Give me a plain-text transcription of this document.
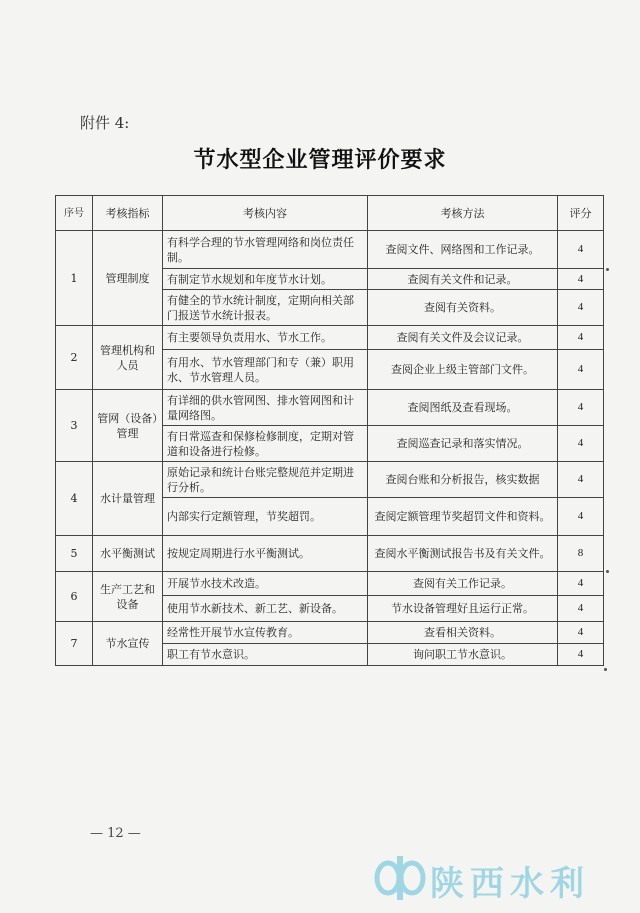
附件 4:
节水型企业管理评价要求
序号	考核指标	考核内容	考核方法	评分
1	管理制度	有科学合理的节水管理网络和岗位责任制。	查阅文件、网络图和工作记录。	4
		有制定节水规划和年度节水计划。	查阅有关文件和记录。	4
		有健全的节水统计制度，定期向相关部门报送节水统计报表。	查阅有关资料。	4
2	管理机构和人员	有主要领导负责用水、节水工作。	查阅有关文件及会议记录。	4
		有用水、节水管理部门和专（兼）职用水、节水管理人员。	查阅企业上级主管部门文件。	4
3	管网（设备）管理	有详细的供水管网图、排水管网图和计量网络图。	查阅图纸及查看现场。	4
		有日常巡查和保修检修制度，定期对管道和设备进行检修。	查阅巡查记录和落实情况。	4
4	水计量管理	原始记录和统计台账完整规范并定期进行分析。	查阅台账和分析报告，核实数据	4
		内部实行定额管理，节奖超罚。	查阅定额管理节奖超罚文件和资料。	4
5	水平衡测试	按规定周期进行水平衡测试。	查阅水平衡测试报告书及有关文件。	8
6	生产工艺和设备	开展节水技术改造。	查阅有关工作记录。	4
		使用节水新技术、新工艺、新设备。	节水设备管理好且运行正常。	4
7	节水宣传	经常性开展节水宣传教育。	查看相关资料。	4
		职工有节水意识。	询问职工节水意识。	4
— 12 —
陕西水利
